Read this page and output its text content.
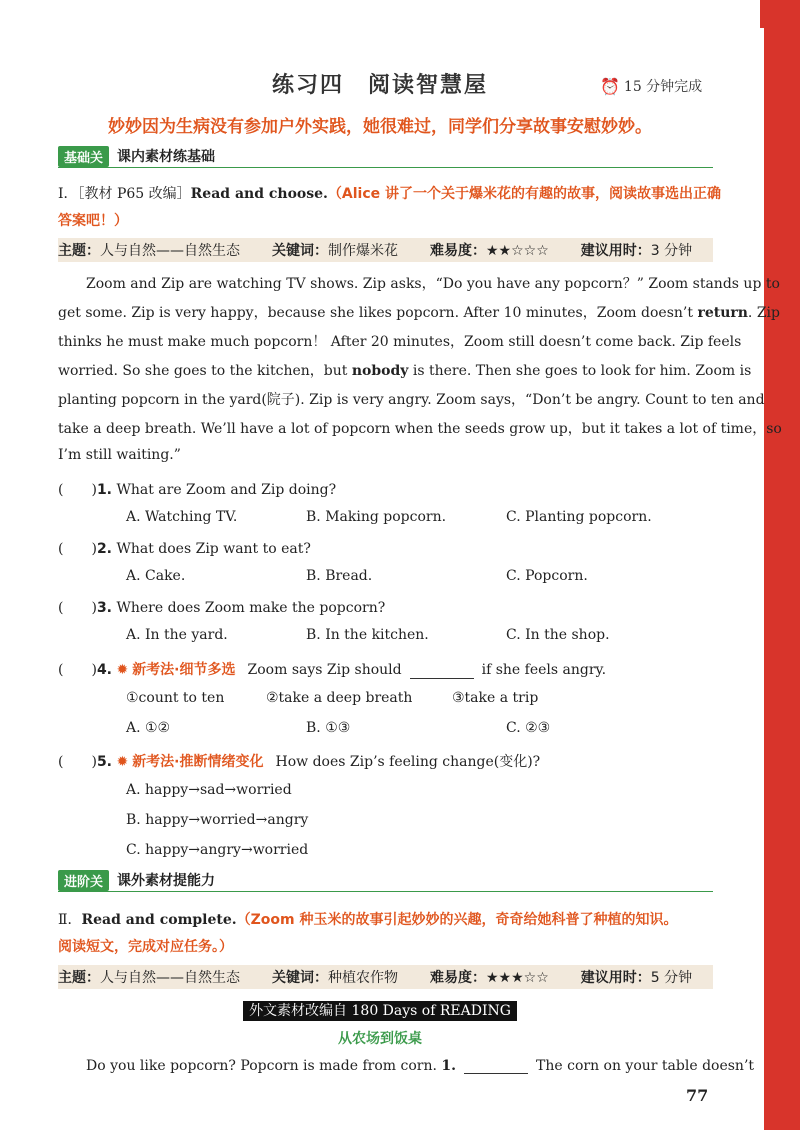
练习四　阅读智慧屋	⏰ 15 分钟完成
妙妙因为生病没有参加户外实践，她很难过，同学们分享故事安慰妙妙。
基础关	课内素材练基础
Ⅰ．［教材 P65 改编］Read and choose.（Alice 讲了一个关于爆米花的有趣的故事，阅读故事选出正确
答案吧！）
主题：人与自然——自然生态	关键词：制作爆米花	难易度：★★☆☆☆	建议用时：3 分钟
Zoom and Zip are watching TV shows. Zip asks，“Do you have any popcorn？” Zoom stands up to
get some. Zip is very happy，because she likes popcorn. After 10 minutes，Zoom doesn’t return. Zip
thinks he must make much popcorn！ After 20 minutes，Zoom still doesn’t come back. Zip feels
worried. So she goes to the kitchen，but nobody is there. Then she goes to look for him. Zoom is
planting popcorn in the yard(院子). Zip is very angry. Zoom says，“Don’t be angry. Count to ten and
take a deep breath. We’ll have a lot of popcorn when the seeds grow up，but it takes a lot of time，so
I’m still waiting.”
(　　)1. What are Zoom and Zip doing?
A. Watching TV.	B. Making popcorn.	C. Planting popcorn.
(　　)2. What does Zip want to eat?
A. Cake.	B. Bread.	C. Popcorn.
(　　)3. Where does Zoom make the popcorn?
A. In the yard.	B. In the kitchen.	C. In the shop.
(　　)4. ✹ 新考法·细节多选 Zoom says Zip should	if she feels angry.
①count to ten	②take a deep breath	③take a trip
A. ①②	B. ①③	C. ②③
(　　)5. ✹ 新考法·推断情绪变化 How does Zip’s feeling change(变化)?
A. happy→sad→worried
B. happy→worried→angry
C. happy→angry→worried
进阶关	课外素材提能力
Ⅱ．Read and complete.（Zoom 种玉米的故事引起妙妙的兴趣，奇奇给她科普了种植的知识。
阅读短文，完成对应任务。）
主题：人与自然——自然生态	关键词：种植农作物	难易度：★★★☆☆	建议用时：5 分钟
外文素材改编自 180 Days of READING
从农场到饭桌
Do you like popcorn? Popcorn is made from corn. 1.	The corn on your table doesn’t
77
